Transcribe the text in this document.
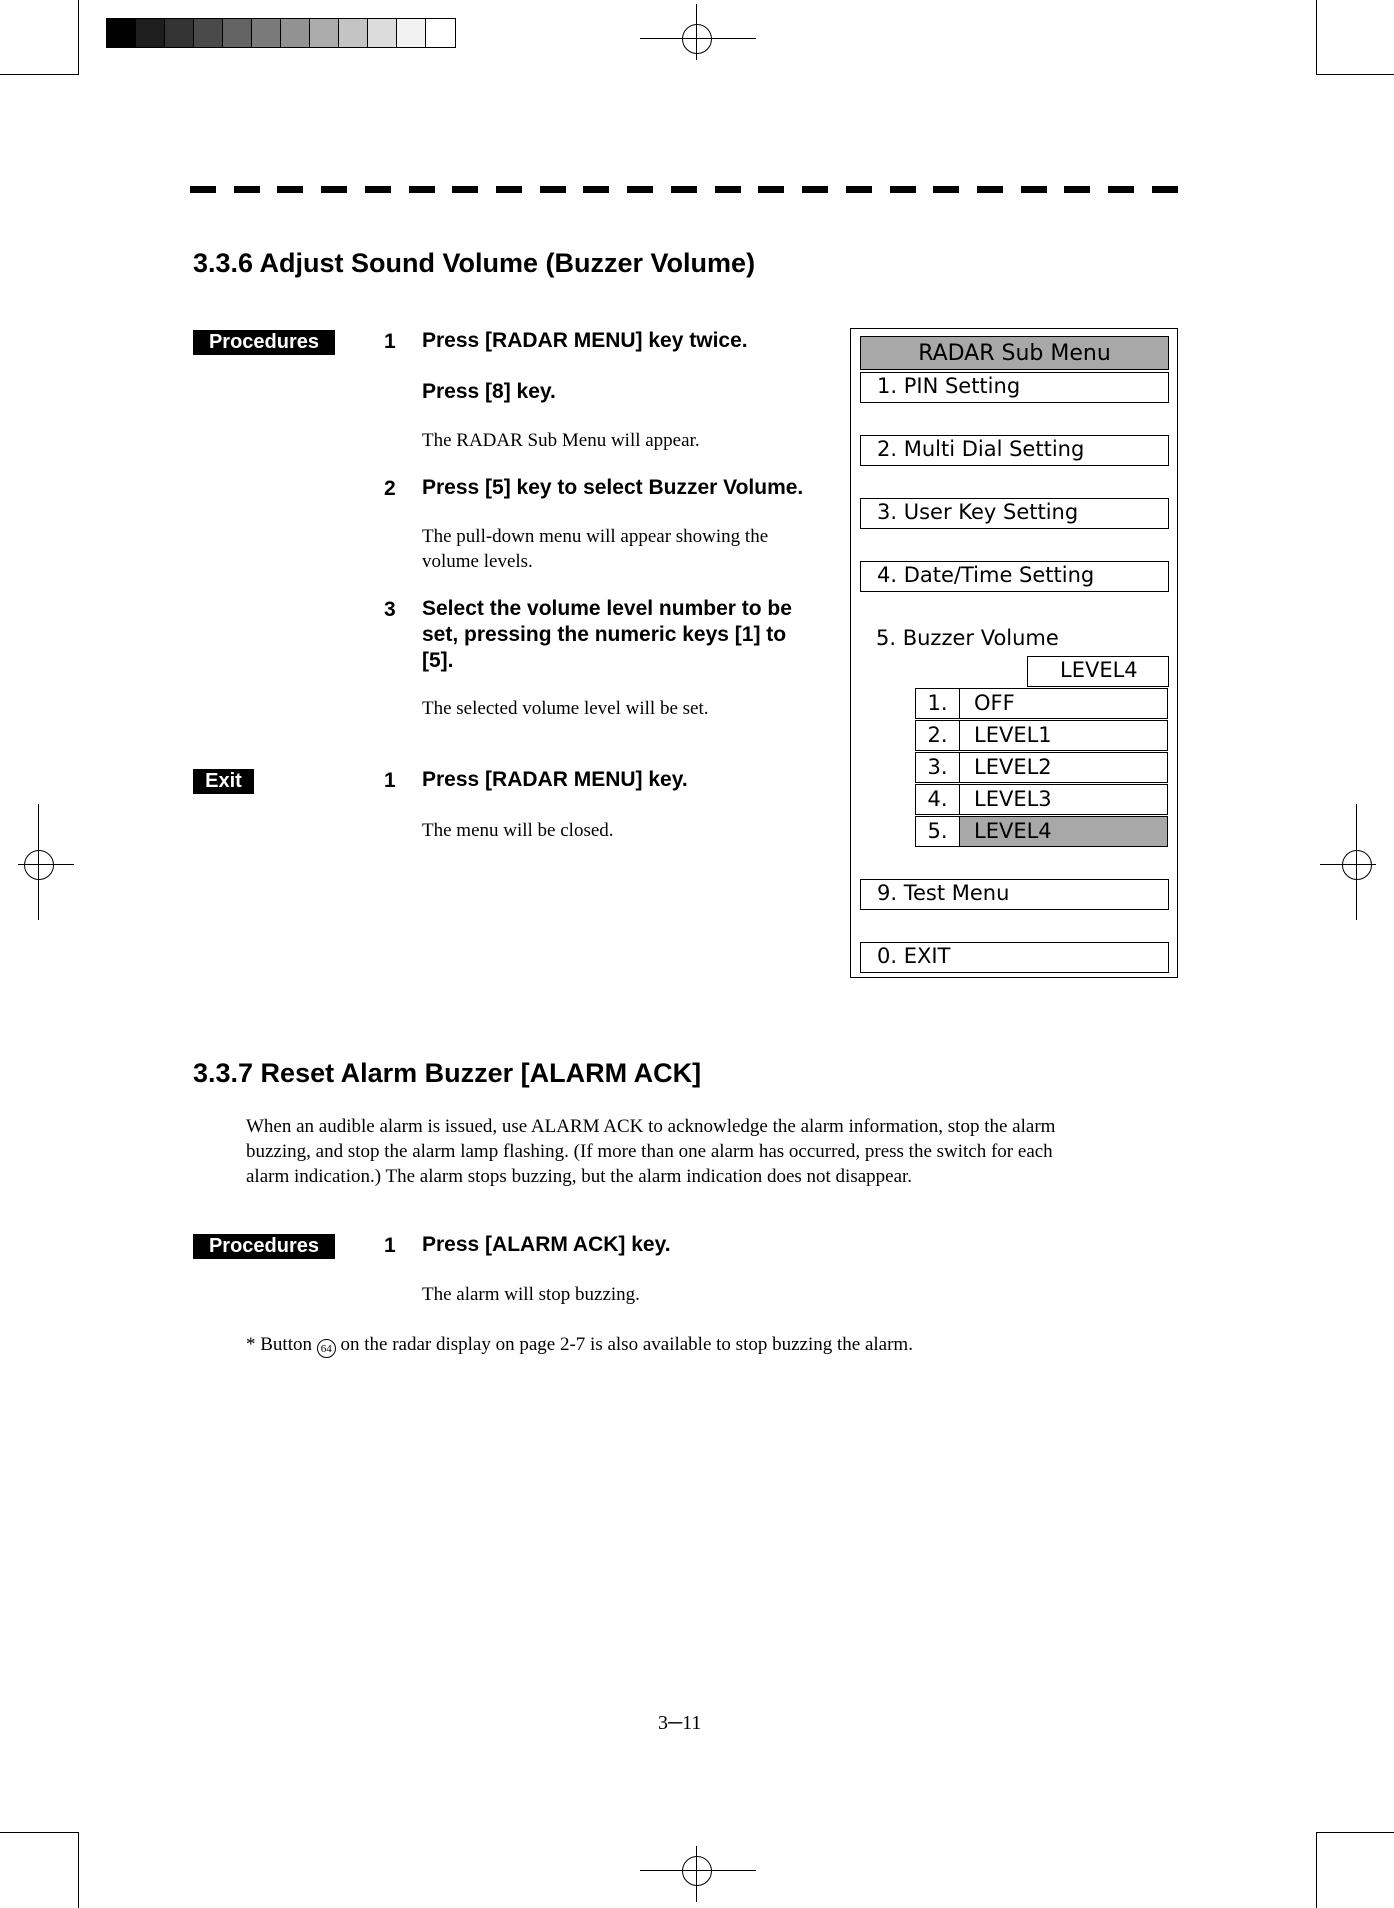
3.3.6 Adjust Sound Volume (Buzzer Volume)
Procedures	1 Press [RADAR MENU] key twice.
Press [8] key.
The RADAR Sub Menu will appear.
2 Press [5] key to select Buzzer Volume.
The pull-down menu will appear showing the
volume levels.
3 Select the volume level number to be
set, pressing the numeric keys [1] to
[5].
The selected volume level will be set.
Exit	1 Press [RADAR MENU] key.
The menu will be closed.
RADAR Sub Menu
1. PIN Setting
2. Multi Dial Setting
3. User Key Setting
4. Date/Time Setting
5. Buzzer Volume
LEVEL4
1.	OFF
2.	LEVEL1
3.	LEVEL2
4.	LEVEL3
5.	LEVEL4
9. Test Menu
0. EXIT
3.3.7 Reset Alarm Buzzer [ALARM ACK]
When an audible alarm is issued, use ALARM ACK to acknowledge the alarm information, stop the alarm
buzzing, and stop the alarm lamp flashing. (If more than one alarm has occurred, press the switch for each
alarm indication.) The alarm stops buzzing, but the alarm indication does not disappear.
Procedures	1 Press [ALARM ACK] key.
The alarm will stop buzzing.
* Button 64 on the radar display on page 2-7 is also available to stop buzzing the alarm.
3─11
